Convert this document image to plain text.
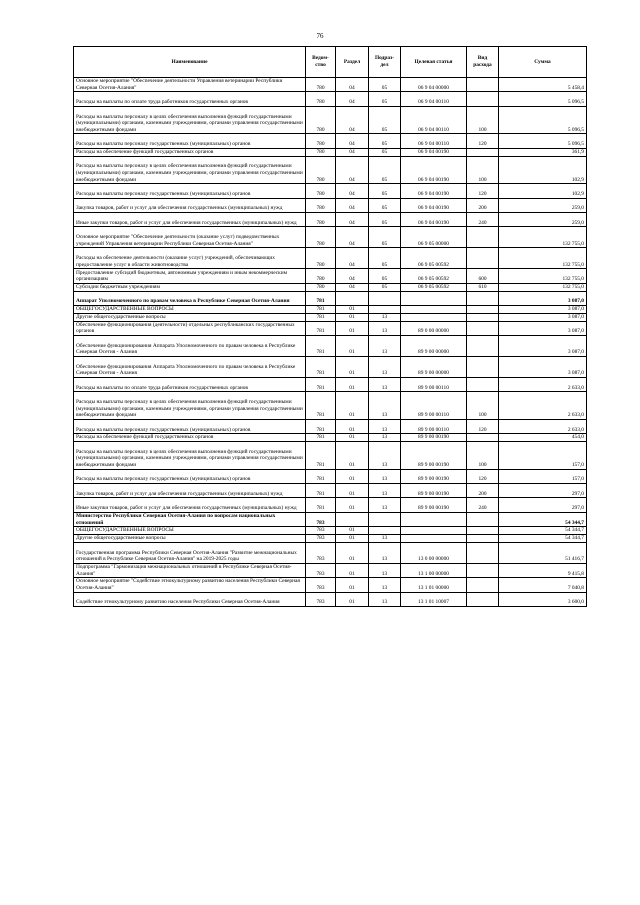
76
Наименование	Ведом- ство	Раздел	Подраз- дел	Целевая статья	Вид расхода	Сумма
Основное мероприятие "Обеспечение деятельности Управления ветеринарии Республики Северная Осетия-Алания"	780	04	05	06 9 04 00000		5 458,4
Расходы на выплаты по оплате труда работников государственных органов	780	04	05	06 9 04 00110		5 096,5
Расходы на выплаты персоналу в целях обеспечения выполнения функций государственными (муниципальными) органами, казенными учреждениями, органами управления государственными внебюджетными фондами	780	04	05	06 9 04 00110	100	5 096,5
Расходы на выплаты персоналу государственных (муниципальных) органов	780	04	05	06 9 04 00110	120	5 096,5
Расходы на обеспечение функций государственных органов	780	04	05	06 9 04 00190		361,9
Расходы на выплаты персоналу в целях обеспечения выполнения функций государственными (муниципальными) органами, казенными учреждениями, органами управления государственными внебюджетными фондами	780	04	05	06 9 04 00190	100	102,9
Расходы на выплаты персоналу государственных (муниципальных) органов	780	04	05	06 9 04 00190	120	102,9
Закупка товаров, работ и услуг для обеспечения государственных (муниципальных) нужд	780	04	05	06 9 04 00190	200	259,0
Иные закупки товаров, работ и услуг для обеспечения государственных (муниципальных) нужд	780	04	05	06 9 04 00190	240	259,0
Основное мероприятие "Обеспечение деятельности (оказание услуг) подведомственных учреждений Управления ветеринарии Республики Северная Осетия-Алания"	780	04	05	06 9 05 00000		132 755,0
Расходы на обеспечение деятельности (оказание услуг) учреждений, обеспечивающих предоставление услуг в области животноводства	780	04	05	06 9 05 00592		132 755,0
Предоставление субсидий бюджетным, автономным учреждениям и иным некоммерческим организациям	780	04	05	06 9 05 00592	600	132 755,0
Субсидии бюджетным учреждениям	780	04	05	06 9 05 00592	610	132 755,0
Аппарат Уполномоченного по правам человека в Республике Северная Осетия-Алания	781					3 087,0
ОБЩЕГОСУДАРСТВЕННЫЕ ВОПРОСЫ	781	01				3 087,0
Другие общегосударственные вопросы	781	01	13			3 087,0
Обеспечение функционирования (деятельности) отдельных республиканских государственных органов	781	01	13	89 0 00 00000		3 087,0
Обеспечение функционирования Аппарата Уполномоченного по правам человека в Республике Северная Осетия - Алания	781	01	13	89 9 00 00000		3 087,0
Обеспечение функционирования Аппарата Уполномоченного по правам человека в Республике Северная Осетия - Алания	781	01	13	89 9 00 00000		3 087,0
Расходы на выплаты по оплате труда работников государственных органов	781	01	13	89 9 00 00110		2 633,0
Расходы на выплаты персоналу в целях обеспечения выполнения функций государственными (муниципальными) органами, казенными учреждениями, органами управления государственными внебюджетными фондами	781	01	13	89 9 00 00110	100	2 633,0
Расходы на выплаты персоналу государственных (муниципальных) органов	781	01	13	89 9 00 00110	120	2 633,0
Расходы на обеспечение функций государственных органов	781	01	13	89 9 00 00190		454,0
Расходы на выплаты персоналу в целях обеспечения выполнения функций государственными (муниципальными) органами, казенными учреждениями, органами управления государственными внебюджетными фондами	781	01	13	89 9 00 00190	100	157,0
Расходы на выплаты персоналу государственных (муниципальных) органов	781	01	13	89 9 00 00190	120	157,0
Закупка товаров, работ и услуг для обеспечения государственных (муниципальных) нужд	781	01	13	89 9 00 00190	200	297,0
Иные закупки товаров, работ и услуг для обеспечения государственных (муниципальных) нужд	781	01	13	89 9 00 00190	240	297,0
Министерство Республики Северная Осетия-Алания по вопросам национальных отношений	783					54 344,7
ОБЩЕГОСУДАРСТВЕННЫЕ ВОПРОСЫ	783	01				54 344,7
Другие общегосударственные вопросы	783	01	13			54 344,7
Государственная программа Республики Северная Осетия-Алания "Развитие межнациональных отношений в Республике Северная Осетия-Алания" на 2019-2025 годы	783	01	13	13 0 00 00000		51 416,7
Подпрограмма "Гармонизация межнациональных отношений в Республике Северная Осетия-Алания"	783	01	13	13 1 00 00000		9 415,8
Основное мероприятие "Содействие этнокультурному развитию населения Республики Северная Осетия-Алания"	783	01	13	13 1 01 00000		7 040,8
Содействие этнокультурному развитию населения Республики Северная Осетия-Алания	783	01	13	13 1 01 10007		3 600,0
